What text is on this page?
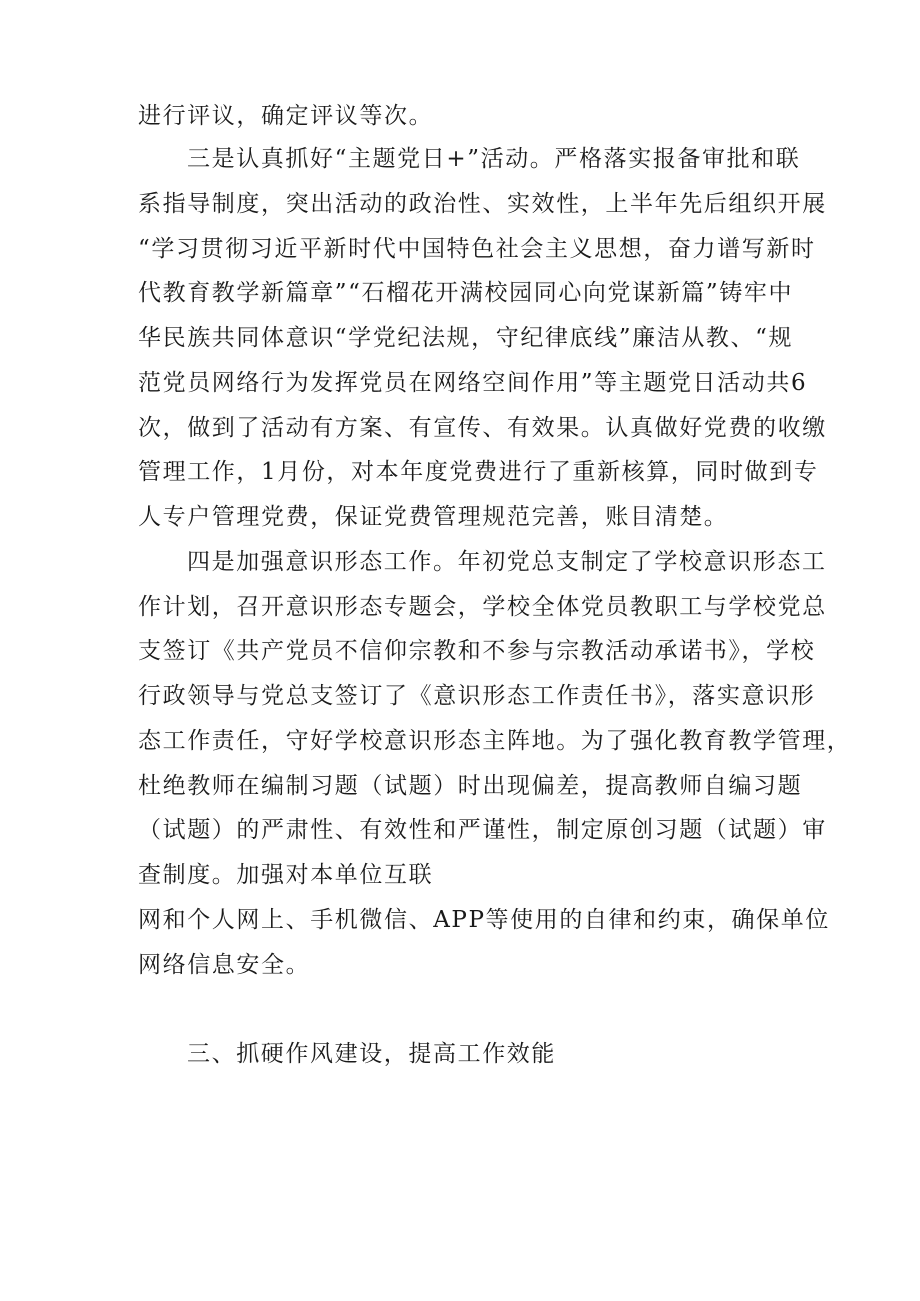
进行评议，确定评议等次。
三是认真抓好“主题党日+”活动。严格落实报备审批和联
系指导制度，突出活动的政治性、实效性，上半年先后组织开展
“学习贯彻习近平新时代中国特色社会主义思想，奋力谱写新时
代教育教学新篇章”“石榴花开满校园同心向党谋新篇”铸牢中
华民族共同体意识“学党纪法规，守纪律底线”廉洁从教、“规
范党员网络行为发挥党员在网络空间作用”等主题党日活动共6
次，做到了活动有方案、有宣传、有效果。认真做好党费的收缴
管理工作，1月份，对本年度党费进行了重新核算，同时做到专
人专户管理党费，保证党费管理规范完善，账目清楚。
四是加强意识形态工作。年初党总支制定了学校意识形态工
作计划，召开意识形态专题会，学校全体党员教职工与学校党总
支签订《共产党员不信仰宗教和不参与宗教活动承诺书》，学校
行政领导与党总支签订了《意识形态工作责任书》，落实意识形
态工作责任，守好学校意识形态主阵地。为了强化教育教学管理，
杜绝教师在编制习题（试题）时出现偏差，提高教师自编习题
（试题）的严肃性、有效性和严谨性，制定原创习题（试题）审
查制度。加强对本单位互联
网和个人网上、手机微信、APP等使用的自律和约束，确保单位
网络信息安全。
三、抓硬作风建设，提高工作效能
